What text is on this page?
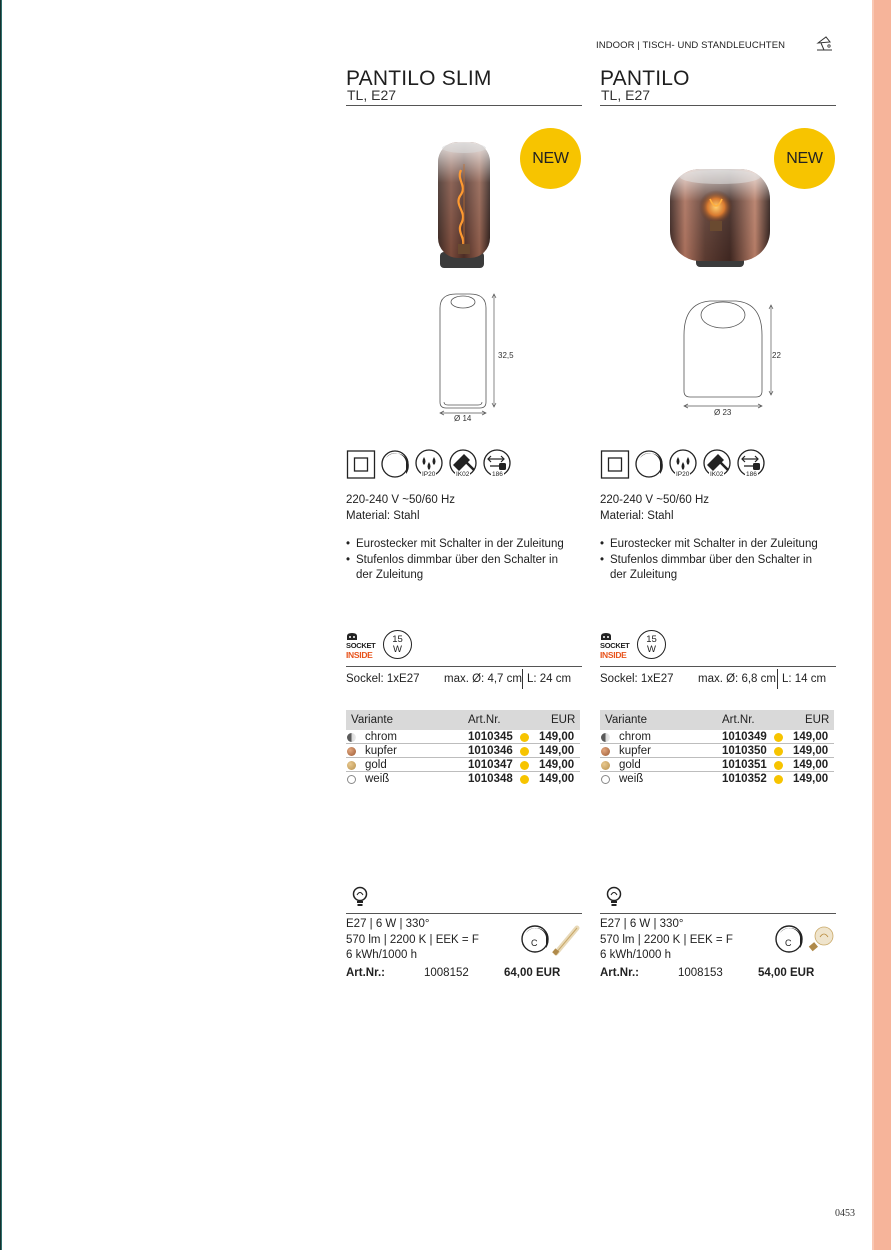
INDOOR | TISCH- UND STANDLEUCHTEN
PANTILO SLIM
TL, E27
NEW
32,5
Ø 14
IP20	IK02	186
220-240 V ~50/60 Hz
Material: Stahl
• Eurostecker mit Schalter in der Zuleitung
• Stufenlos dimmbar über den Schalter in der Zuleitung
SOCKET
INSIDE
15
W
Sockel: 1xE27 max. Ø: 4,7 cm L: 24 cm
Variante	Art.Nr.	EUR
chrom	1010345 149,00
kupfer	1010346 149,00
gold	1010347 149,00
weiß	1010348 149,00
E27 | 6 W | 330°
570 lm | 2200 K | EEK = F
6 kWh/1000 h
C
Art.Nr.:	1008152	64,00 EUR
PANTILO
TL, E27
NEW
22
Ø 23
IP20	IK02	186
220-240 V ~50/60 Hz
Material: Stahl
• Eurostecker mit Schalter in der Zuleitung
• Stufenlos dimmbar über den Schalter in der Zuleitung
SOCKET
INSIDE
15
W
Sockel: 1xE27 max. Ø: 6,8 cm L: 14 cm
Variante	Art.Nr.	EUR
chrom	1010349 149,00
kupfer	1010350 149,00
gold	1010351 149,00
weiß	1010352 149,00
E27 | 6 W | 330°
570 lm | 2200 K | EEK = F
6 kWh/1000 h
C
Art.Nr.:	1008153	54,00 EUR
0453
